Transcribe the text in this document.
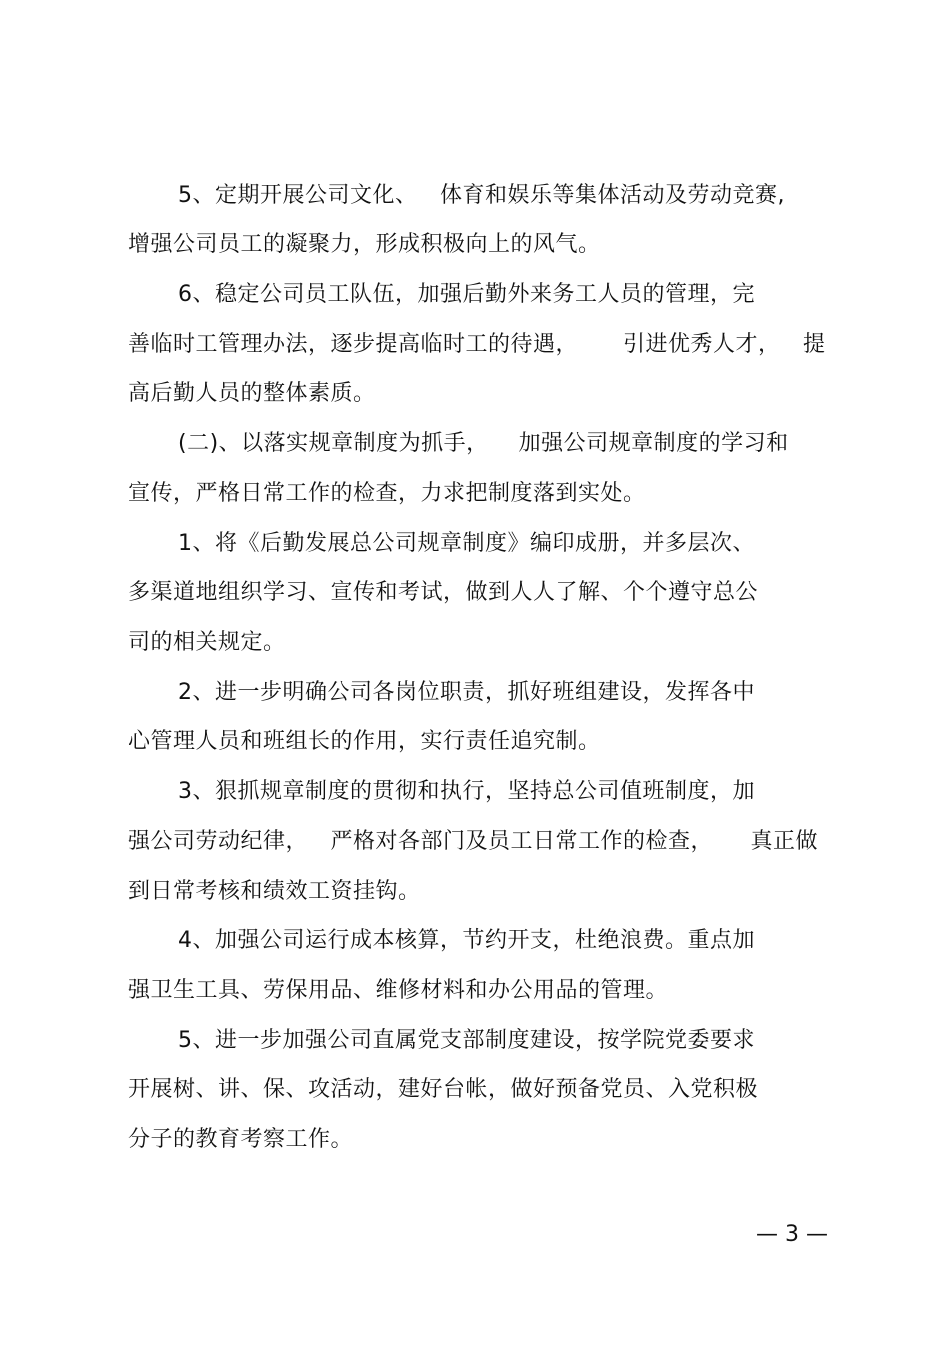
5、定期开展公司文化、   体育和娱乐等集体活动及劳动竞赛,
增强公司员工的凝聚力，形成积极向上的风气。
6、稳定公司员工队伍，加强后勤外来务工人员的管理，完
善临时工管理办法，逐步提高临时工的待遇，      引进优秀人才，   提
高后勤人员的整体素质。
(二)、以落实规章制度为抓手，    加强公司规章制度的学习和
宣传，严格日常工作的检查，力求把制度落到实处。
1、将《后勤发展总公司规章制度》编印成册，并多层次、
多渠道地组织学习、宣传和考试，做到人人了解、个个遵守总公
司的相关规定。
2、进一步明确公司各岗位职责，抓好班组建设，发挥各中
心管理人员和班组长的作用，实行责任追究制。
3、狠抓规章制度的贯彻和执行，坚持总公司值班制度，加
强公司劳动纪律，   严格对各部门及员工日常工作的检查，     真正做
到日常考核和绩效工资挂钩。
4、加强公司运行成本核算，节约开支，杜绝浪费。重点加
强卫生工具、劳保用品、维修材料和办公用品的管理。
5、进一步加强公司直属党支部制度建设，按学院党委要求
开展树、讲、保、攻活动，建好台帐，做好预备党员、入党积极
分子的教育考察工作。
— 3 —
